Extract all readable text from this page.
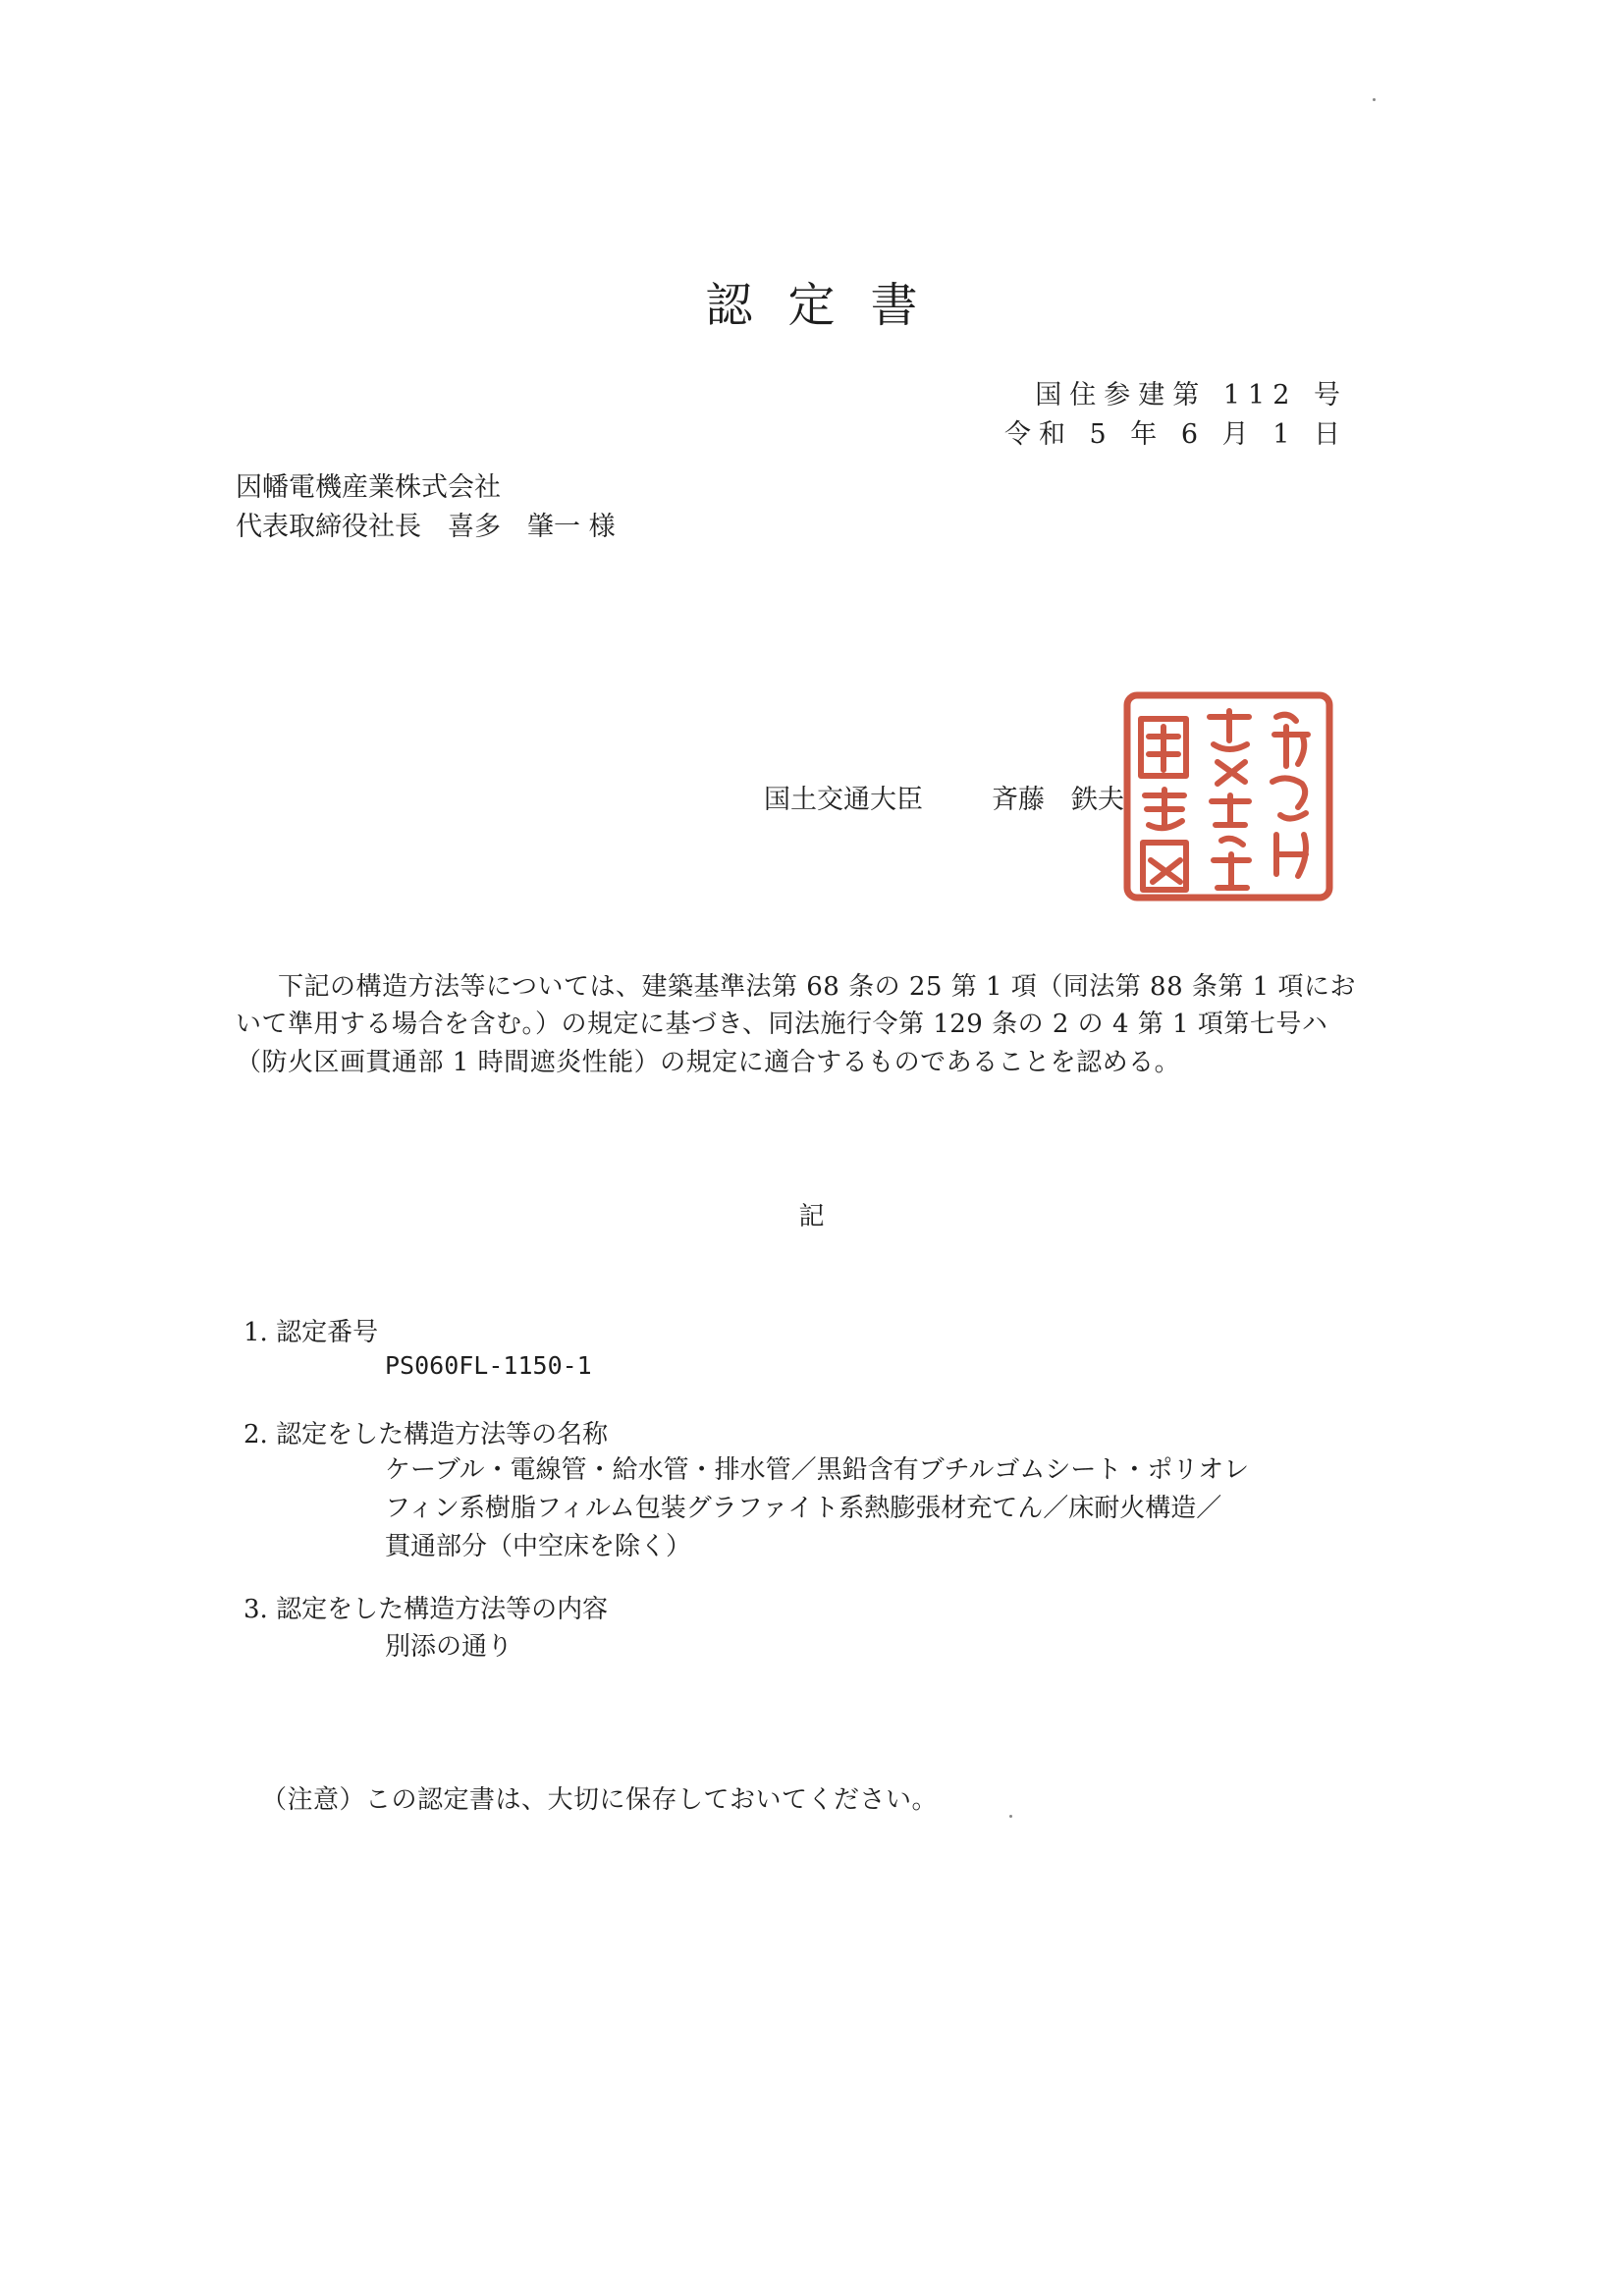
認定書
国住参建第 112 号
令和 5 年 6 月 1 日
因幡電機産業株式会社
代表取締役社長　喜多　肇一 様
国土交通大臣	斉藤　鉄夫
下記の構造方法等については、建築基準法第 68 条の 25 第 1 項（同法第 88 条第 1 項にお
いて準用する場合を含む。）の規定に基づき、同法施行令第 129 条の 2 の 4 第 1 項第七号ハ
（防火区画貫通部 1 時間遮炎性能）の規定に適合するものであることを認める。
記
1. 認定番号
PS060FL-1150-1
2. 認定をした構造方法等の名称
ケーブル・電線管・給水管・排水管／黒鉛含有ブチルゴムシート・ポリオレ
フィン系樹脂フィルム包装グラファイト系熱膨張材充てん／床耐火構造／
貫通部分（中空床を除く）
3. 認定をした構造方法等の内容
別添の通り
（注意）この認定書は、大切に保存しておいてください。
